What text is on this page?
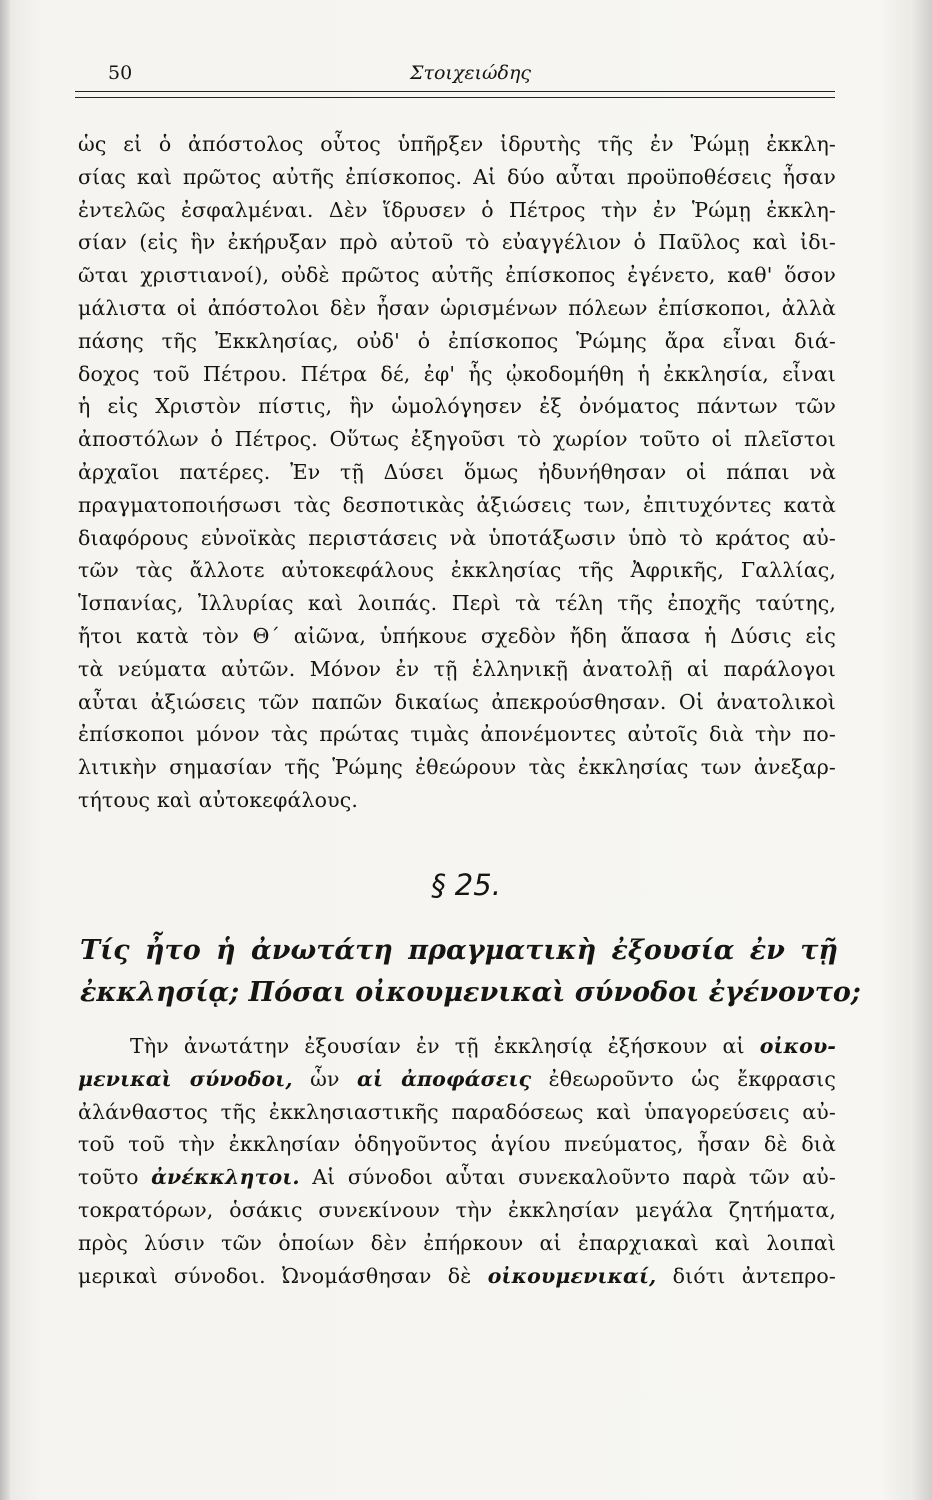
50	Στοιχειώδης
ὡς εἰ ὁ ἀπόστολος οὗτος ὑπῆρξεν ἱδρυτὴς τῆς ἐν Ῥώμῃ ἐκκλη-
σίας καὶ πρῶτος αὐτῆς ἐπίσκοπος. Αἱ δύο αὗται προϋποθέσεις ἦσαν
ἐντελῶς ἐσφαλμέναι. Δὲν ἵδρυσεν ὁ Πέτρος τὴν ἐν Ῥώμῃ ἐκκλη-
σίαν (εἰς ἣν ἐκήρυξαν πρὸ αὐτοῦ τὸ εὐαγγέλιον ὁ Παῦλος καὶ ἰδι-
ῶται χριστιανοί), οὐδὲ πρῶτος αὐτῆς ἐπίσκοπος ἐγένετο, καθ' ὅσον
μάλιστα οἱ ἀπόστολοι δὲν ἦσαν ὡρισμένων πόλεων ἐπίσκοποι, ἀλλὰ
πάσης τῆς Ἐκκλησίας, οὐδ' ὁ ἐπίσκοπος Ῥώμης ἄρα εἶναι διά-
δοχος τοῦ Πέτρου. Πέτρα δέ, ἐφ' ἧς ᾠκοδομήθη ἡ ἐκκλησία, εἶναι
ἡ εἰς Χριστὸν πίστις, ἣν ὡμολόγησεν ἐξ ὀνόματος πάντων τῶν
ἀποστόλων ὁ Πέτρος. Οὕτως ἐξηγοῦσι τὸ χωρίον τοῦτο οἱ πλεῖστοι
ἀρχαῖοι πατέρες. Ἐν τῇ Δύσει ὅμως ἠδυνήθησαν οἱ πάπαι νὰ
πραγματοποιήσωσι τὰς δεσποτικὰς ἀξιώσεις των, ἐπιτυχόντες κατὰ
διαφόρους εὐνοϊκὰς περιστάσεις νὰ ὑποτάξωσιν ὑπὸ τὸ κράτος αὐ-
τῶν τὰς ἄλλοτε αὐτοκεφάλους ἐκκλησίας τῆς Ἀφρικῆς, Γαλλίας,
Ἱσπανίας, Ἰλλυρίας καὶ λοιπάς. Περὶ τὰ τέλη τῆς ἐποχῆς ταύτης,
ἤτοι κατὰ τὸν Θ΄ αἰῶνα, ὑπήκουε σχεδὸν ἤδη ἅπασα ἡ Δύσις εἰς
τὰ νεύματα αὐτῶν. Μόνον ἐν τῇ ἑλληνικῇ ἀνατολῇ αἱ παράλογοι
αὗται ἀξιώσεις τῶν παπῶν δικαίως ἀπεκρούσθησαν. Οἱ ἀνατολικοὶ
ἐπίσκοποι μόνον τὰς πρώτας τιμὰς ἀπονέμοντες αὐτοῖς διὰ τὴν πο-
λιτικὴν σημασίαν τῆς Ῥώμης ἐθεώρουν τὰς ἐκκλησίας των ἀνεξαρ-
τήτους καὶ αὐτοκεφάλους.
§ 25.
Τίς ἦτο ἡ ἀνωτάτη πραγματικὴ ἐξουσία ἐν τῇ
ἐκκλησίᾳ; Πόσαι οἰκουμενικαὶ σύνοδοι ἐγένοντο;
Τὴν ἀνωτάτην ἐξουσίαν ἐν τῇ ἐκκλησίᾳ ἐξήσκουν αἱ οἰκου-
μενικαὶ σύνοδοι, ὧν αἱ ἀποφάσεις ἐθεωροῦντο ὡς ἔκφρασις
ἀλάνθαστος τῆς ἐκκλησιαστικῆς παραδόσεως καὶ ὑπαγορεύσεις αὐ-
τοῦ τοῦ τὴν ἐκκλησίαν ὁδηγοῦντος ἁγίου πνεύματος, ἦσαν δὲ διὰ
τοῦτο ἀνέκκλητοι. Αἱ σύνοδοι αὗται συνεκαλοῦντο παρὰ τῶν αὐ-
τοκρατόρων, ὁσάκις συνεκίνουν τὴν ἐκκλησίαν μεγάλα ζητήματα,
πρὸς λύσιν τῶν ὁποίων δὲν ἐπήρκουν αἱ ἐπαρχιακαὶ καὶ λοιπαὶ
μερικαὶ σύνοδοι. Ὠνομάσθησαν δὲ οἰκουμενικαί, διότι ἀντεπρο-
